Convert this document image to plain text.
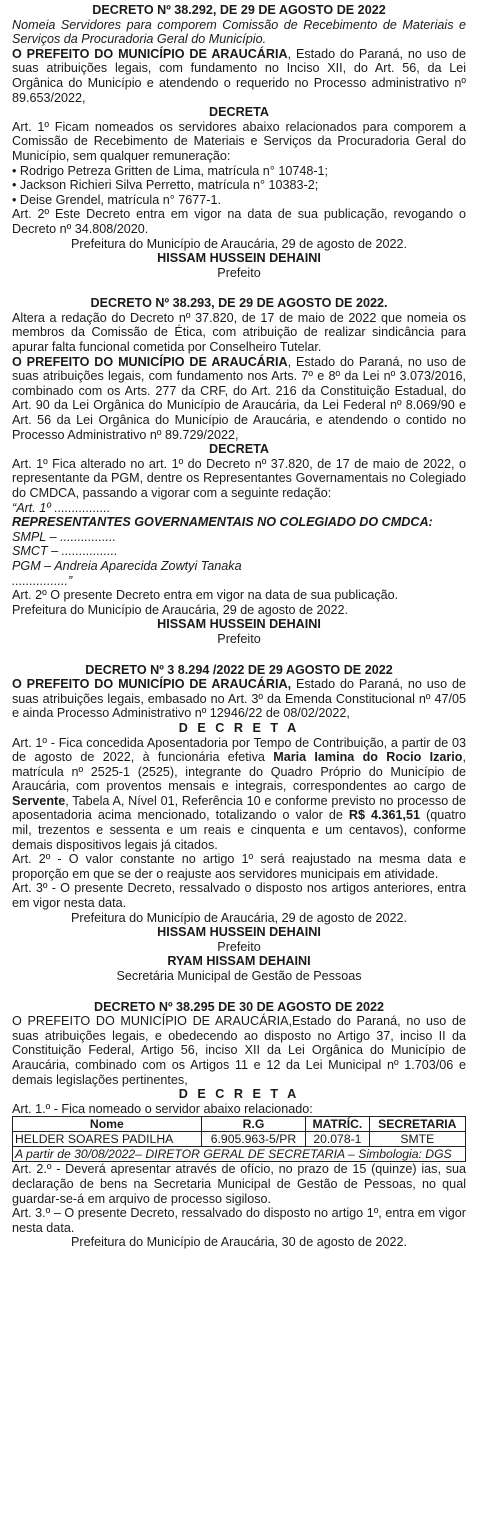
DECRETO Nº 38.292, DE 29 DE AGOSTO DE 2022

Nomeia Servidores para comporem Comissão de Recebimento de Materiais e Serviços da Procuradoria Geral do Município.

O PREFEITO DO MUNICÍPIO DE ARAUCÁRIA, Estado do Paraná, no uso de suas atribuições legais, com fundamento no Inciso XII, do Art. 56, da Lei Orgânica do Município e atendendo o requerido no Processo administrativo nº 89.653/2022,

DECRETA

Art. 1º Ficam nomeados os servidores abaixo relacionados para comporem a Comissão de Recebimento de Materiais e Serviços da Procuradoria Geral do Município, sem qualquer remuneração:

• Rodrigo Petreza Gritten de Lima, matrícula n° 10748-1;

• Jackson Richieri Silva Perretto, matrícula n° 10383-2;

• Deise Grendel, matrícula n° 7677-1.

Art. 2º Este Decreto entra em vigor na data de sua publicação, revogando o Decreto nº 34.808/2020.

Prefeitura do Município de Araucária, 29 de agosto de 2022.

HISSAM HUSSEIN DEHAINI

Prefeito

DECRETO Nº 38.293, DE 29 DE AGOSTO DE 2022.

Altera a redação do Decreto nº 37.820, de 17 de maio de 2022 que nomeia os membros da Comissão de Ética, com atribuição de realizar sindicância para apurar falta funcional cometida por Conselheiro Tutelar.

O PREFEITO DO MUNICÍPIO DE ARAUCÁRIA, Estado do Paraná, no uso de suas atribuições legais, com fundamento nos Arts. 7º e 8º da Lei nº 3.073/2016, combinado com os Arts. 277 da CRF, do Art. 216 da Constituição Estadual, do Art. 90 da Lei Orgânica do Município de Araucária, da Lei Federal nº 8.069/90 e Art. 56 da Lei Orgânica do Município de Araucária, e atendendo o contido no Processo Administrativo nº 89.729/2022,

DECRETA

Art. 1º Fica alterado no art. 1º do Decreto nº 37.820, de 17 de maio de 2022, o representante da PGM, dentre os Representantes Governamentais no Colegiado do CMDCA, passando a vigorar com a seguinte redação:

“Art. 1º ................

REPRESENTANTES GOVERNAMENTAIS NO COLEGIADO DO CMDCA:

SMPL – ................

SMCT – ................

PGM – Andreia Aparecida Zowtyi Tanaka

................”

Art. 2º O presente Decreto entra em vigor na data de sua publicação.

Prefeitura do Município de Araucária, 29 de agosto de 2022.

HISSAM HUSSEIN DEHAINI

Prefeito

DECRETO Nº 3 8.294 /2022 DE 29 AGOSTO DE 2022

O PREFEITO DO MUNICÍPIO DE ARAUCÁRIA, Estado do Paraná, no uso de suas atribuições legais, embasado no Art. 3º da Emenda Constitucional nº 47/05 e ainda Processo Administrativo nº 12946/22 de 08/02/2022,

D E C R E T A

Art. 1º - Fica concedida Aposentadoria por Tempo de Contribuição, a partir de 03 de agosto de 2022, à funcionária efetiva Maria Iamina do Rocio Izario, matrícula nº 2525-1 (2525), integrante do Quadro Próprio do Município de Araucária, com proventos mensais e integrais, correspondentes ao cargo de Servente, Tabela A, Nível 01, Referência 10 e conforme previsto no processo de aposentadoria acima mencionado, totalizando o valor de R$ 4.361,51 (quatro mil, trezentos e sessenta e um reais e cinquenta e um centavos), conforme demais dispositivos legais já citados.

Art. 2º - O valor constante no artigo 1º será reajustado na mesma data e proporção em que se der o reajuste aos servidores municipais em atividade.

Art. 3º - O presente Decreto, ressalvado o disposto nos artigos anteriores, entra em vigor nesta data.

Prefeitura do Município de Araucária, 29 de agosto de 2022.

HISSAM HUSSEIN DEHAINI

Prefeito

RYAM HISSAM DEHAINI

Secretária Municipal de Gestão de Pessoas

DECRETO Nº 38.295 DE 30 DE AGOSTO DE 2022

O PREFEITO DO MUNICÍPIO DE ARAUCÁRIA,Estado do Paraná, no uso de suas atribuições legais, e obedecendo ao disposto no Artigo 37, inciso II da Constituição Federal, Artigo 56, inciso XII da Lei Orgânica do Município de Araucária, combinado com os Artigos 11 e 12 da Lei Municipal nº 1.703/06 e demais legislações pertinentes,

D E C R E T A

Art. 1.º - Fica nomeado o servidor abaixo relacionado:

Nome	R.G	MATRÍC.	SECRETARIA
HELDER SOARES PADILHA	6.905.963-5/PR	20.078-1	SMTE
A partir de 30/08/2022– DIRETOR GERAL DE SECRETARIA – Simbologia: DGS			

Art. 2.º - Deverá apresentar através de ofício, no prazo de 15 (quinze) ias, sua declaração de bens na Secretaria Municipal de Gestão de Pessoas, no qual guardar-se-á em arquivo de processo sigiloso.

Art. 3.º – O presente Decreto, ressalvado do disposto no artigo 1º, entra em vigor nesta data.

Prefeitura do Município de Araucária, 30 de agosto de 2022.
